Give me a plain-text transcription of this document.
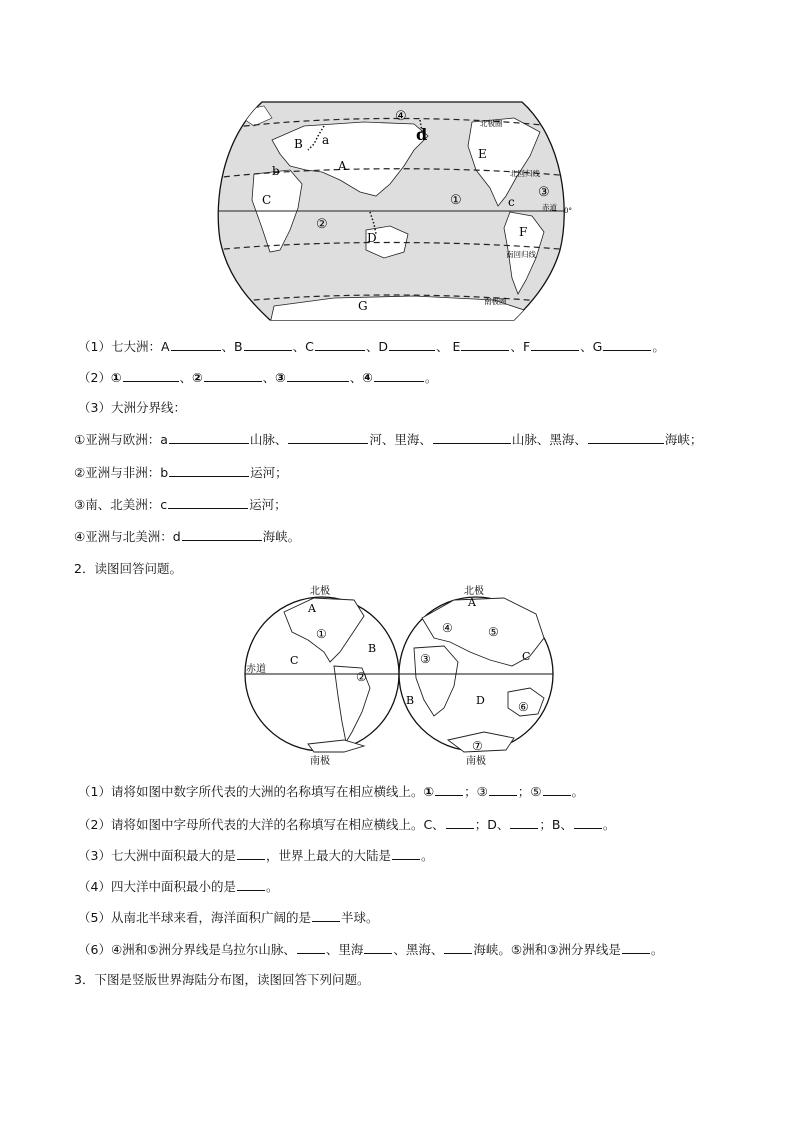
A
B
C
D
E
F
G
a
b
c
d
①
②
③
④	北极圈
北回归线
赤道 0°
南回归线
南极圈
（1）七大洲：A	、B	、C	、D	、 E	、F	、G	。
（2）①	、②	、③	、④	。
（3）大洲分界线：
①亚洲与欧洲：a	山脉、	河、里海、	山脉、黑海、	海峡；
②亚洲与非洲：b	运河；
③南、北美洲：c	运河；
④亚洲与北美洲：d	海峡。
2．读图回答问题。
北极	北极
南极	南极
赤道
A
B
C
①
②
A
B
C
D
③
④	⑤
⑥
⑦
（1）请将如图中数字所代表的大洲的名称填写在相应横线上。① ；③ ；⑤ 。
（2）请将如图中字母所代表的大洋的名称填写在相应横线上。C、 ；D、 ；B、 。
（3）七大洲中面积最大的是 ，世界上最大的大陆是 。
（4）四大洋中面积最小的是 。
（5）从南北半球来看，海洋面积广阔的是 半球。
（6）④洲和⑤洲分界线是乌拉尔山脉、 、里海 、黑海、 海峡。⑤洲和③洲分界线是 。
3．下图是竖版世界海陆分布图，读图回答下列问题。
